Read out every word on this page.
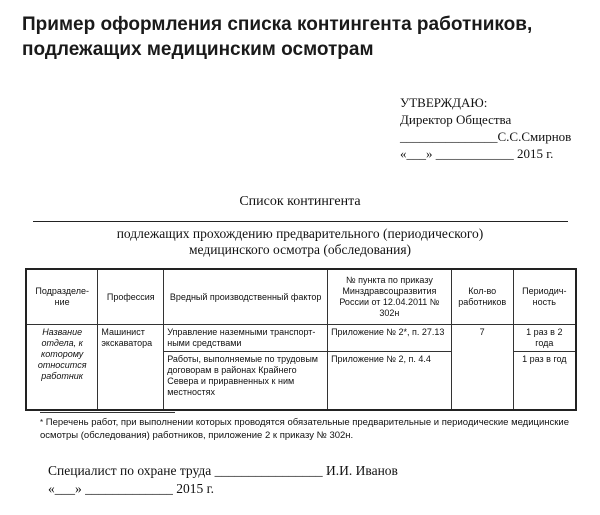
Пример оформления списка контингента работников,
подлежащих медицинским осмотрам
УТВЕРЖДАЮ:
Директор Общества
_______________С.С.Смирнов
«___» ____________ 2015 г.
Список контингента
подлежащих прохождению предварительного (периодического)
медицинского осмотра (обследования)
Подразделе-ние	Профессия	Вредный производственный фактор	№ пункта по приказу Минздравсоцразвития России от 12.04.2011 № 302н	Кол-во работников	Периодич-ность
Название отдела, к которому относится работник	Машинист экскаватора	Управление наземными транспорт-ными средствами	Приложение № 2*, п. 27.13	7	1 раз в 2 года
		Работы, выполняемые по трудовым договорам в районах Крайнего Севера и приравненных к ним местностях	Приложение № 2, п. 4.4		1 раз в год
* Перечень работ, при выполнении которых проводятся обязательные предварительные и периодические медицинские осмотры (обследования) работников, приложение 2 к приказу № 302н.
Специалист по охране труда ________________ И.И. Иванов
«___» _____________ 2015 г.
